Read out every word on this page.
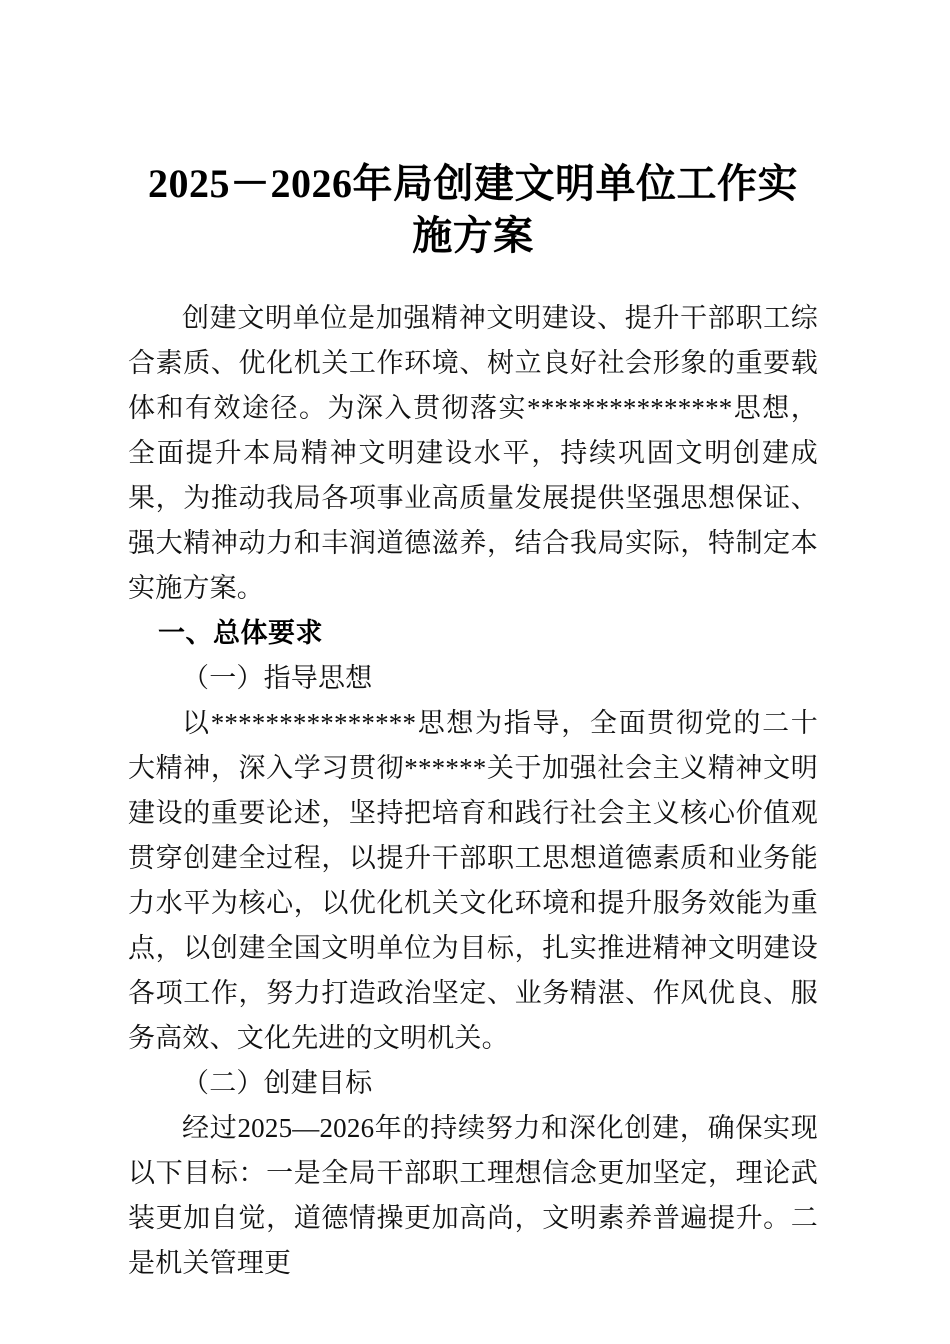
2025－2026年局创建文明单位工作实施方案

创建文明单位是加强精神文明建设、提升干部职工综合素质、优化机关工作环境、树立良好社会形象的重要载体和有效途径。为深入贯彻落实***************思想，全面提升本局精神文明建设水平，持续巩固文明创建成果，为推动我局各项事业高质量发展提供坚强思想保证、强大精神动力和丰润道德滋养，结合我局实际，特制定本实施方案。

一、总体要求

（一）指导思想

以***************思想为指导，全面贯彻党的二十大精神，深入学习贯彻******关于加强社会主义精神文明建设的重要论述，坚持把培育和践行社会主义核心价值观贯穿创建全过程，以提升干部职工思想道德素质和业务能力水平为核心，以优化机关文化环境和提升服务效能为重点，以创建全国文明单位为目标，扎实推进精神文明建设各项工作，努力打造政治坚定、业务精湛、作风优良、服务高效、文化先进的文明机关。

（二）创建目标

经过2025—2026年的持续努力和深化创建，确保实现以下目标：一是全局干部职工理想信念更加坚定，理论武装更加自觉，道德情操更加高尚，文明素养普遍提升。二是机关管理更
